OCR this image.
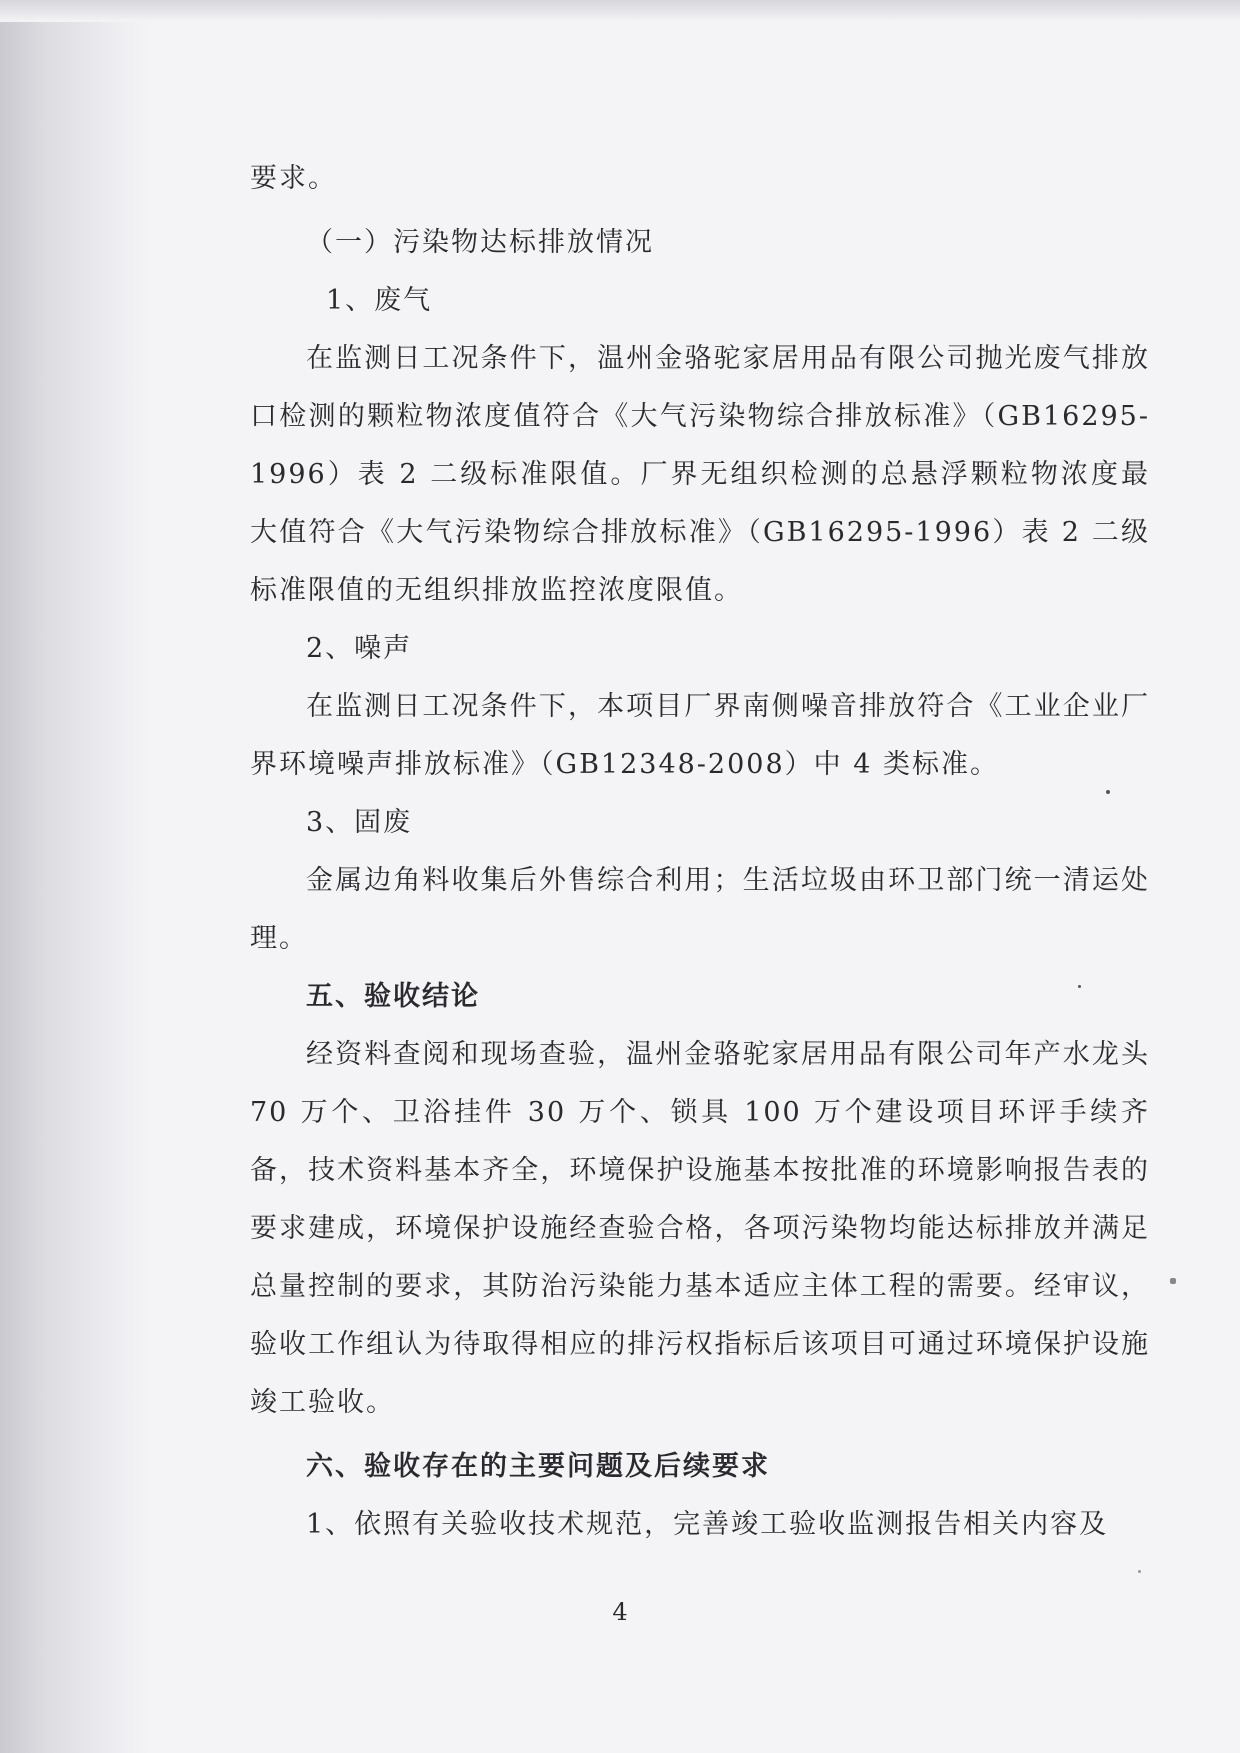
要求。

（一）污染物达标排放情况

1、废气

在监测日工况条件下，温州金骆驼家居用品有限公司抛光废气排放口检测的颗粒物浓度值符合《大气污染物综合排放标准》（GB16295-1996）表 2 二级标准限值。厂界无组织检测的总悬浮颗粒物浓度最大值符合《大气污染物综合排放标准》（GB16295-1996）表 2 二级标准限值的无组织排放监控浓度限值。

2、噪声

在监测日工况条件下，本项目厂界南侧噪音排放符合《工业企业厂界环境噪声排放标准》（GB12348-2008）中 4 类标准。

3、固废

金属边角料收集后外售综合利用；生活垃圾由环卫部门统一清运处理。

五、验收结论

经资料查阅和现场查验，温州金骆驼家居用品有限公司年产水龙头 70 万个、卫浴挂件 30 万个、锁具 100 万个建设项目环评手续齐备，技术资料基本齐全，环境保护设施基本按批准的环境影响报告表的要求建成，环境保护设施经查验合格，各项污染物均能达标排放并满足总量控制的要求，其防治污染能力基本适应主体工程的需要。经审议，验收工作组认为待取得相应的排污权指标后该项目可通过环境保护设施竣工验收。

六、验收存在的主要问题及后续要求

1、依照有关验收技术规范，完善竣工验收监测报告相关内容及

4
